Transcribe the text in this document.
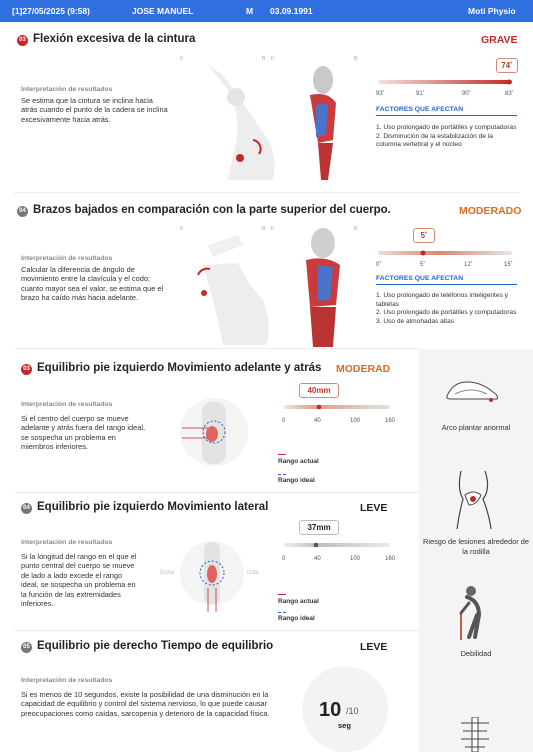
[1]27/05/2025 (9:58)	JOSE MANUEL	M 03.09.1991	Moti Physio
03 Flexión excesiva de la cintura	GRAVE
Interpretación de resultados
Se estima que la cintura se inclina hacia atrás cuando el punto de la cadera se inclina excesivamente hacia atrás.
F	B F	B
74˚
93˚	91˚	90˚	83˚
FACTORES QUE AFECTAN
1. Uso prolongado de portátiles y computadoras
2. Disminución de la estabilización de la columna vertebral y el núcleo
04 Brazos bajados en comparación con la parte superior del cuerpo.	MODERADO
Interpretación de resultados
Calcular la diferencia de ángulo de movimiento entre la clavícula y el codo; cuanto mayor sea el valor, se estima que el brazo ha caído más hacia adelante.
F	B F	B
5˚
0˚	5˚	12˚	15˚
FACTORES QUE AFECTAN
1. Uso prolongado de teléfonos inteligentes y tabletas
2. Uso prolongado de portátiles y computadoras
3. Uso de almohadas altas
Arco plantar anormal
Riesgo de lesiones alrededor de la rodilla
Debilidad
03 Equilibrio pie izquierdo Movimiento adelante y atrás MODERAD
Interpretación de resultados
Si el centro del cuerpo se mueve adelante y atrás fuera del rango ideal, se sospecha un problema en miembros inferiores.
40mm
0	40	100	160
Rango actual
Rango ideal
04 Equilibrio pie izquierdo Movimiento lateral	LEVE
Interpretación de resultados
Si la longitud del rango en el que el punto central del cuerpo se mueve de lado a lado excede el rango ideal, se sospecha un problema en la función de las extremidades inferiores.
Dcha	Izda
37mm
0	40	100	160
Rango actual
Rango ideal
05 Equilibrio pie derecho Tiempo de equilibrio	LEVE
Interpretación de resultados
Si es menos de 10 segundos, existe la posibilidad de una disminución en la capacidad de equilibrio y control del sistema nervioso, lo que puede causar preocupaciones como caídas, sarcopenia y deterioro de la capacidad física. 10 /10
seg
